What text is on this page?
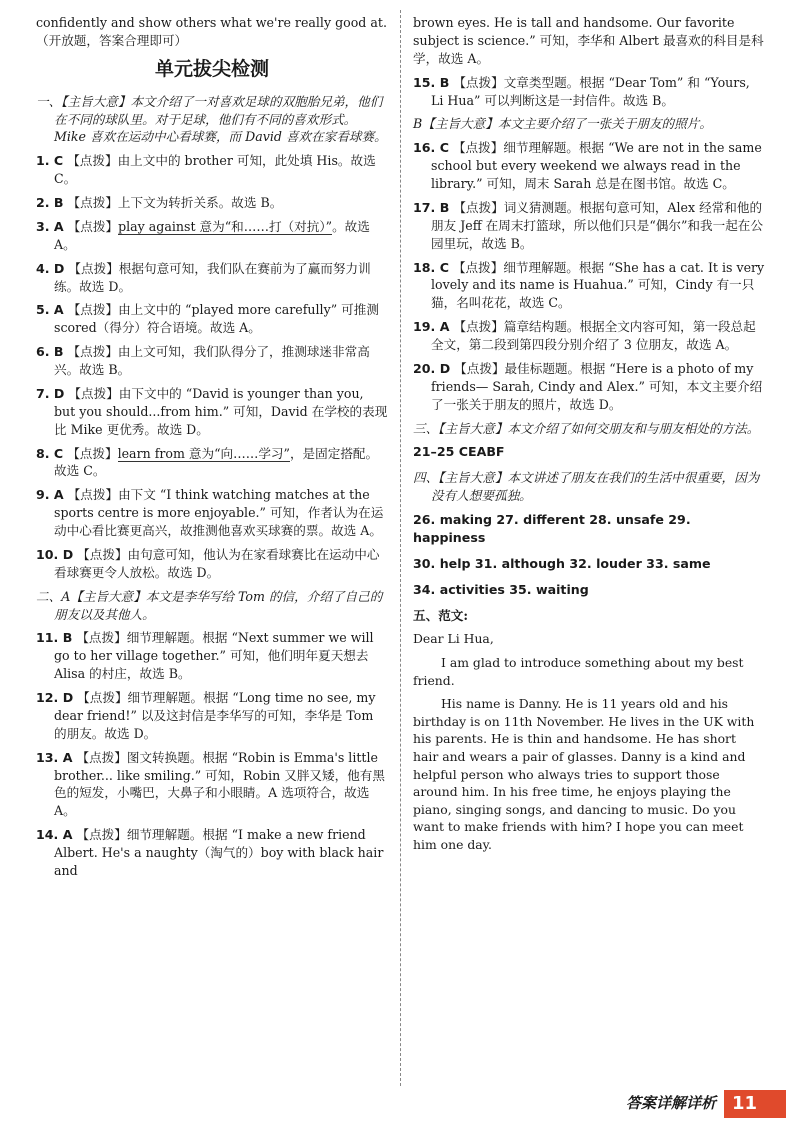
confidently and show others what we're really good at.（开放题，答案合理即可）

单元拔尖检测

一、【主旨大意】本文介绍了一对喜欢足球的双胞胎兄弟，他们在不同的球队里。对于足球，他们有不同的喜欢形式。Mike 喜欢在运动中心看球赛，而 David 喜欢在家看球赛。

1. C 【点拨】由上文中的 brother 可知，此处填 His。故选 C。

2. B 【点拨】上下文为转折关系。故选 B。

3. A 【点拨】play against 意为“和……打（对抗）”。故选 A。

4. D 【点拨】根据句意可知，我们队在赛前为了赢而努力训练。故选 D。

5. A 【点拨】由上文中的 “played more carefully” 可推测 scored（得分）符合语境。故选 A。

6. B 【点拨】由上文可知，我们队得分了，推测球迷非常高兴。故选 B。

7. D 【点拨】由下文中的 “David is younger than you, but you should...from him.” 可知，David 在学校的表现比 Mike 更优秀。故选 D。

8. C 【点拨】learn from 意为“向……学习”，是固定搭配。故选 C。

9. A 【点拨】由下文 “I think watching matches at the sports centre is more enjoyable.” 可知，作者认为在运动中心看比赛更高兴，故推测他喜欢买球赛的票。故选 A。

10. D 【点拨】由句意可知，他认为在家看球赛比在运动中心看球赛更令人放松。故选 D。

二、A【主旨大意】本文是李华写给 Tom 的信，介绍了自己的朋友以及其他人。

11. B 【点拨】细节理解题。根据 “Next summer we will go to her village together.” 可知，他们明年夏天想去 Alisa 的村庄，故选 B。

12. D 【点拨】细节理解题。根据 “Long time no see, my dear friend!” 以及这封信是李华写的可知，李华是 Tom 的朋友。故选 D。

13. A 【点拨】图文转换题。根据 “Robin is Emma's little brother... like smiling.” 可知，Robin 又胖又矮，他有黑色的短发，小嘴巴，大鼻子和小眼睛。A 选项符合，故选 A。

14. A 【点拨】细节理解题。根据 “I make a new friend Albert. He's a naughty（淘气的）boy with black hair and

brown eyes. He is tall and handsome. Our favorite subject is science.” 可知，李华和 Albert 最喜欢的科目是科学，故选 A。

15. B 【点拨】文章类型题。根据 “Dear Tom” 和 “Yours, Li Hua” 可以判断这是一封信件。故选 B。

B【主旨大意】本文主要介绍了一张关于朋友的照片。

16. C 【点拨】细节理解题。根据 “We are not in the same school but every weekend we always read in the library.” 可知，周末 Sarah 总是在图书馆。故选 C。

17. B 【点拨】词义猜测题。根据句意可知，Alex 经常和他的朋友 Jeff 在周末打篮球，所以他们只是“偶尔”和我一起在公园里玩，故选 B。

18. C 【点拨】细节理解题。根据 “She has a cat. It is very lovely and its name is Huahua.” 可知，Cindy 有一只猫，名叫花花，故选 C。

19. A 【点拨】篇章结构题。根据全文内容可知，第一段总起全文，第二段到第四段分别介绍了 3 位朋友，故选 A。

20. D 【点拨】最佳标题题。根据 “Here is a photo of my friends— Sarah, Cindy and Alex.” 可知，本文主要介绍了一张关于朋友的照片，故选 D。

三、【主旨大意】本文介绍了如何交朋友和与朋友相处的方法。

21–25 CEABF

四、【主旨大意】本文讲述了朋友在我们的生活中很重要，因为没有人想要孤独。

26. making 27. different 28. unsafe 29. happiness

30. help 31. although 32. louder 33. same

34. activities 35. waiting

五、范文:

Dear Li Hua,

I am glad to introduce something about my best friend.

His name is Danny. He is 11 years old and his birthday is on 11th November. He lives in the UK with his parents. He is thin and handsome. He has short hair and wears a pair of glasses. Danny is a kind and helpful person who always tries to support those around him. In his free time, he enjoys playing the piano, singing songs, and dancing to music. Do you want to make friends with him? I hope you can meet him one day.

答案详解详析 11
